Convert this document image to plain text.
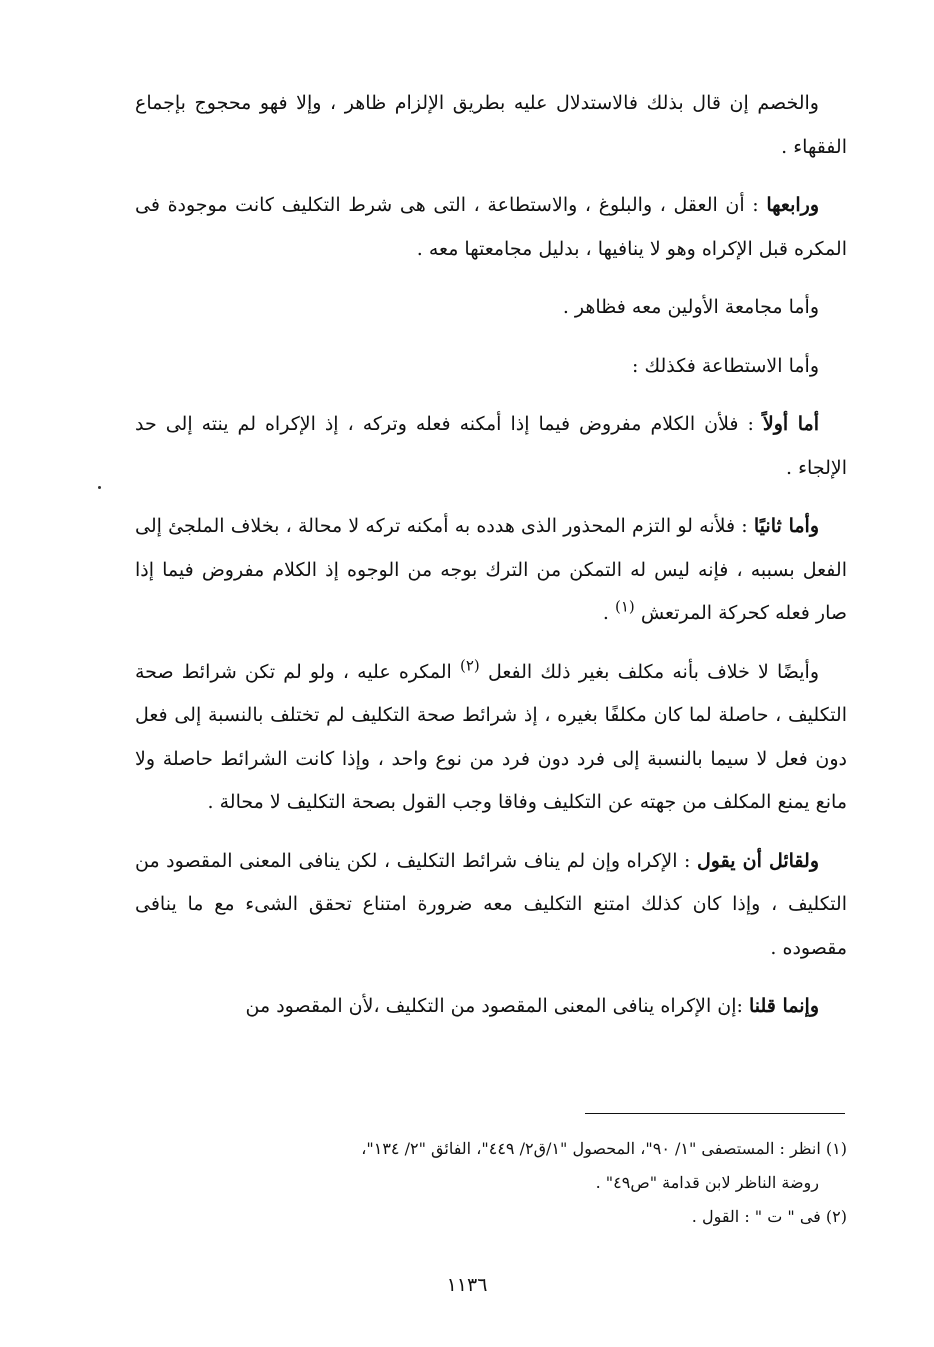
والخصم إن قال بذلك فالاستدلال عليه بطريق الإلزام ظاهر ، وإلا فهو محجوج بإجماع الفقهاء .

ورابعها : أن العقل ، والبلوغ ، والاستطاعة ، التى هى شرط التكليف كانت موجودة فى المكره قبل الإكراه وهو لا ينافيها ، بدليل مجامعتها معه .

وأما مجامعة الأولين معه فظاهر .

وأما الاستطاعة فكذلك :

أما أولاً : فلأن الكلام مفروض فيما إذا أمكنه فعله وتركه ، إذ الإكراه لم ينته إلى حد الإلجاء .

وأما ثانيًا : فلأنه لو التزم المحذور الذى هدده به أمكنه تركه لا محالة ، بخلاف الملجئ إلى الفعل بسببه ، فإنه ليس له التمكن من الترك بوجه من الوجوه إذ الكلام مفروض فيما إذا صار فعله كحركة المرتعش $^{(١)}$ .

وأيضًا لا خلاف بأنه مكلف بغير ذلك الفعل $^{(٢)}$ المكره عليه ، ولو لم تكن شرائط صحة التكليف ، حاصلة لما كان مكلفًا بغيره ، إذ شرائط صحة التكليف لم تختلف بالنسبة إلى فعل دون فعل لا سيما بالنسبة إلى فرد دون فرد من نوع واحد ، وإذا كانت الشرائط حاصلة ولا مانع يمنع المكلف من جهته عن التكليف وفاقا وجب القول بصحة التكليف لا محالة .

ولقائل أن يقول : الإكراه وإن لم يناف شرائط التكليف ، لكن ينافى المعنى المقصود من التكليف ، وإذا كان كذلك امتنع التكليف معه ضرورة امتناع تحقق الشىء مع ما ينافى مقصوده .

وإنما قلنا :إن الإكراه ينافى المعنى المقصود من التكليف ،لأن المقصود من

(١) انظر : المستصفى "١/ ٩٠"، المحصول "١/ق٢/ ٤٤٩"، الفائق "٢/ ١٣٤"،

روضة الناظر لابن قدامة "ص٤٩" .

(٢) فى " ت " : القول .

١١٣٦
